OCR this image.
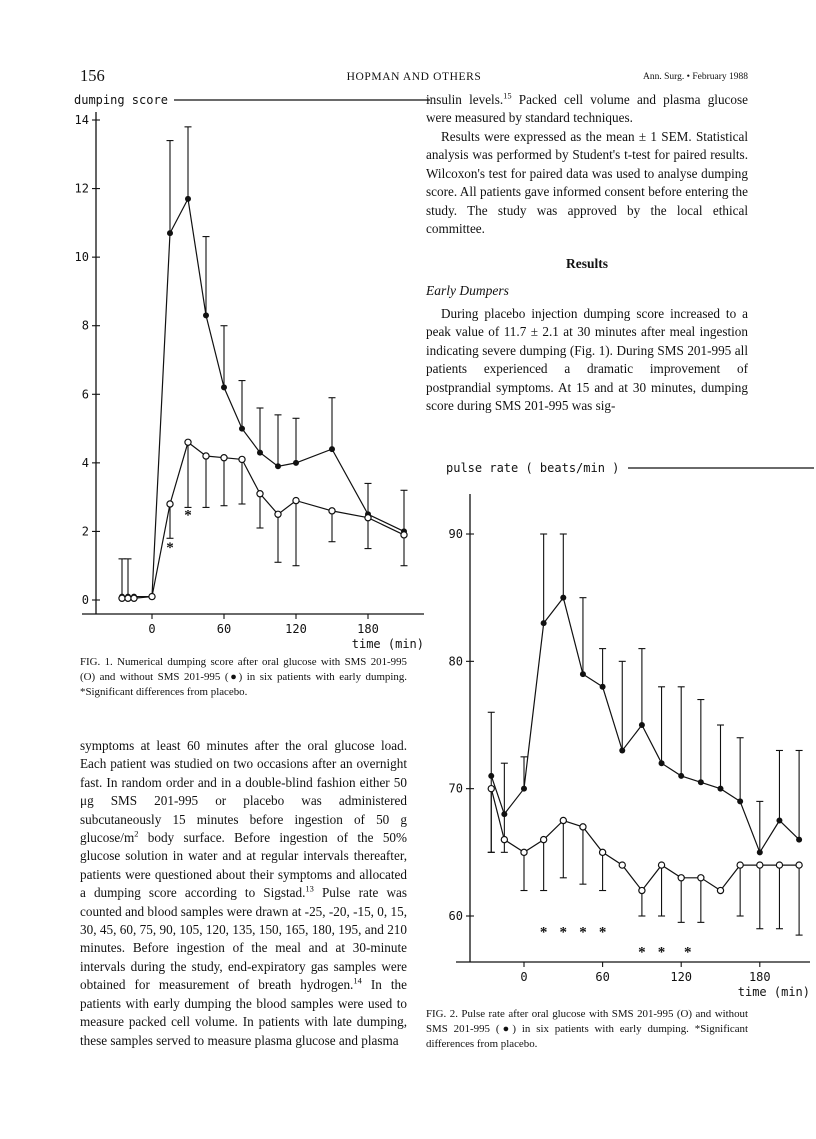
156	HOPMAN AND OTHERS	Ann. Surg. • February 1988
dumping score
0
2
4
6
8
10
12
14
0	60	120	180
time (min)
*
*

FIG. 1. Numerical dumping score after oral glucose with SMS 201-995 (O) and without SMS 201-995 (●) in six patients with early dumping. *Significant differences from placebo.

symptoms at least 60 minutes after the oral glucose load. Each patient was studied on two occasions after an overnight fast. In random order and in a double-blind fashion either 50 μg SMS 201-995 or placebo was administered subcutaneously 15 minutes before ingestion of 50 g glucose/$m^2$ body surface. Before ingestion of the 50% glucose solution in water and at regular intervals thereafter, patients were questioned about their symptoms and allocated a dumping score according to Sigstad.$^{13}$ Pulse rate was counted and blood samples were drawn at -25, -20, -15, 0, 15, 30, 45, 60, 75, 90, 105, 120, 135, 150, 165, 180, 195, and 210 minutes. Before ingestion of the meal and at 30-minute intervals during the study, end-expiratory gas samples were obtained for measurement of breath hydrogen.$^{14}$ In the patients with early dumping the blood samples were used to measure packed cell volume. In patients with late dumping, these samples served to measure plasma glucose and plasma

insulin levels.$^{15}$ Packed cell volume and plasma glucose were measured by standard techniques.

Results were expressed as the mean ± 1 SEM. Statistical analysis was performed by Student's t-test for paired results. Wilcoxon's test for paired data was used to analyse dumping score. All patients gave informed consent before entering the study. The study was approved by the local ethical committee.

Results

Early Dumpers

During placebo injection dumping score increased to a peak value of 11.7 ± 2.1 at 30 minutes after meal ingestion indicating severe dumping (Fig. 1). During SMS 201-995 all patients experienced a dramatic improvement of postprandial symptoms. At 15 and at 30 minutes, dumping score during SMS 201-995 was sig-

pulse rate ( beats/min )
60
70
80
90
0	60	120	180
time (min)
* * * *
* * *

FIG. 2. Pulse rate after oral glucose with SMS 201-995 (O) and without SMS 201-995 (●) in six patients with early dumping. *Significant differences from placebo.
